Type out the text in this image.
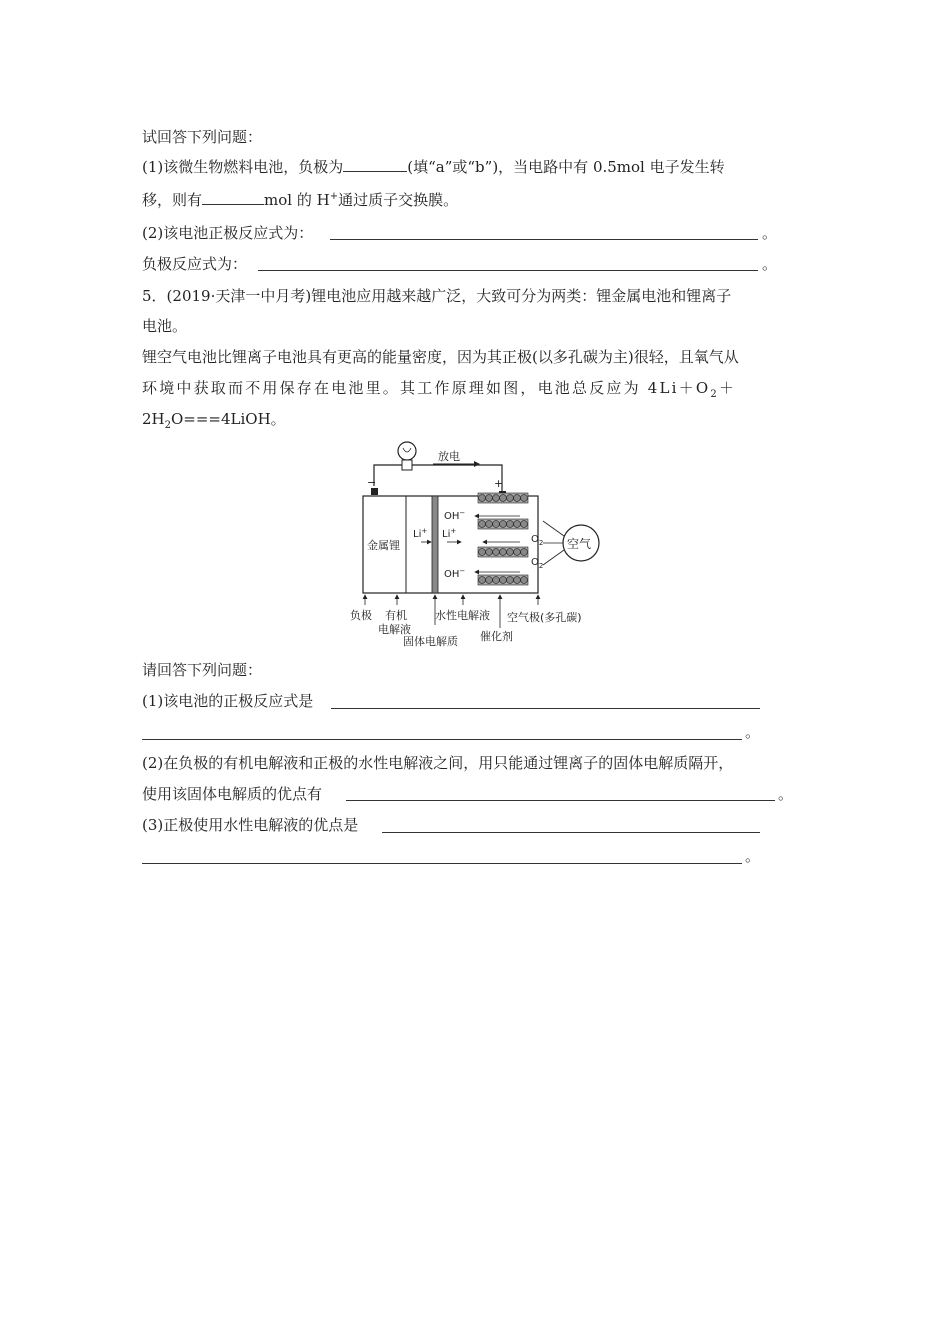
试回答下列问题：
(1)该微生物燃料电池，负极为	(填“a”或“b”)，当电路中有 0.5mol 电子发生转
移，则有	mol 的 H+通过质子交换膜。
(2)该电池正极反应式为：	。
负极反应式为：	。
5．(2019·天津一中月考)锂电池应用越来越广泛，大致可分为两类：锂金属电池和锂离子
电池。
锂空气电池比锂离子电池具有更高的能量密度，因为其正极(以多孔碳为主)很轻，且氧气从
环境中获取而不用保存在电池里。其工作原理如图，电池总反应为 $4Li+O_2+$
$2H_2O===4LiOH$。
放电
−	+
金属锂
Li+ Li+
OH−
OH−
$O_2$
$O_2$
空气
负极 有机
电解液
固体电解质
水性电解液 空气极(多孔碳)
催化剂
请回答下列问题：
(1)该电池的正极反应式是
。
(2)在负极的有机电解液和正极的水性电解液之间，用只能通过锂离子的固体电解质隔开，
使用该固体电解质的优点有	。
(3)正极使用水性电解液的优点是
。
